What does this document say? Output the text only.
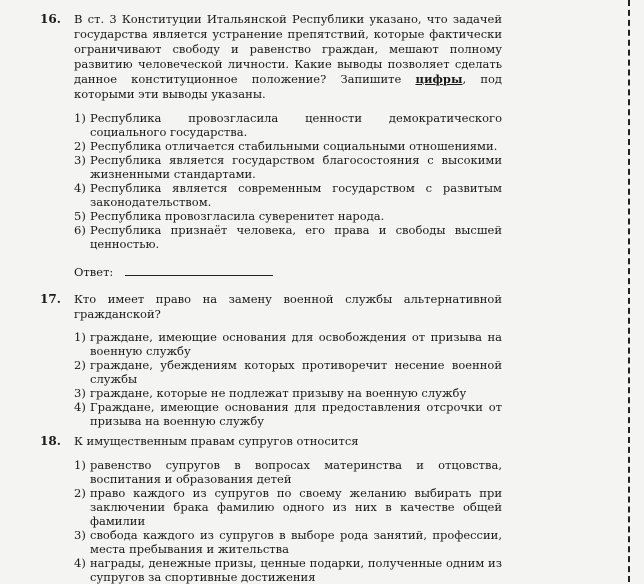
16. В ст. 3 Конституции Итальянской Республики указано, что задачей государства является устранение препятствий, которые фактически ограничивают свободу и равенство граждан, мешают полному развитию человеческой личности. Какие выводы позволяет сделать данное конституционное положение? Запишите цифры, под которыми эти выводы указаны.
1) Республика провозгласила ценности демократического социального государства.
2) Республика отличается стабильными социальными отношениями.
3) Республика является государством благосостояния с высокими жизненными стандартами.
4) Республика является современным государством с развитым законодательством.
5) Республика провозгласила суверенитет народа.
6) Республика признаёт человека, его права и свободы высшей ценностью.
Ответ:
17. Кто имеет право на замену военной службы альтернативной гражданской?
1) граждане, имеющие основания для освобождения от призыва на военную службу
2) граждане, убеждениям которых противоречит несение военной службы
3) граждане, которые не подлежат призыву на военную службу
4) Граждане, имеющие основания для предоставления отсрочки от призыва на военную службу
18. К имущественным правам супругов относится
1) равенство супругов в вопросах материнства и отцовства, воспитания и образования детей
2) право каждого из супругов по своему желанию выбирать при заключении брака фамилию одного из них в качестве общей фамилии
3) свобода каждого из супругов в выборе рода занятий, профессии, места пребывания и жительства
4) награды, денежные призы, ценные подарки, полученные одним из супругов за спортивные достижения
